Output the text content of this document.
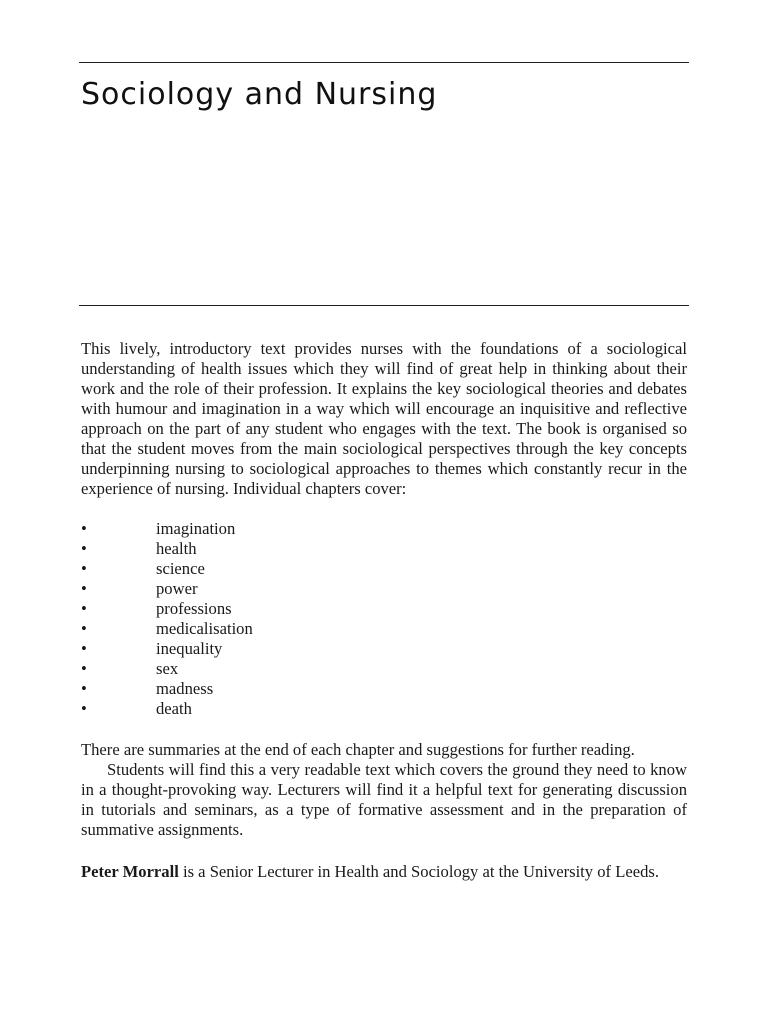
Sociology and Nursing

This lively, introductory text provides nurses with the foundations of a sociological understanding of health issues which they will find of great help in thinking about their work and the role of their profession. It explains the key sociological theories and debates with humour and imagination in a way which will encourage an inquisitive and reflective approach on the part of any student who engages with the text. The book is organised so that the student moves from the main sociological perspectives through the key concepts underpinning nursing to sociological approaches to themes which constantly recur in the experience of nursing. Individual chapters cover:

•	imagination
•	health
•	science
•	power
•	professions
•	medicalisation
•	inequality
•	sex
•	madness
•	death

There are summaries at the end of each chapter and suggestions for further reading.

Students will find this a very readable text which covers the ground they need to know in a thought-provoking way. Lecturers will find it a helpful text for generating discussion in tutorials and seminars, as a type of formative assessment and in the preparation of summative assignments.

Peter Morrall is a Senior Lecturer in Health and Sociology at the University of Leeds.
